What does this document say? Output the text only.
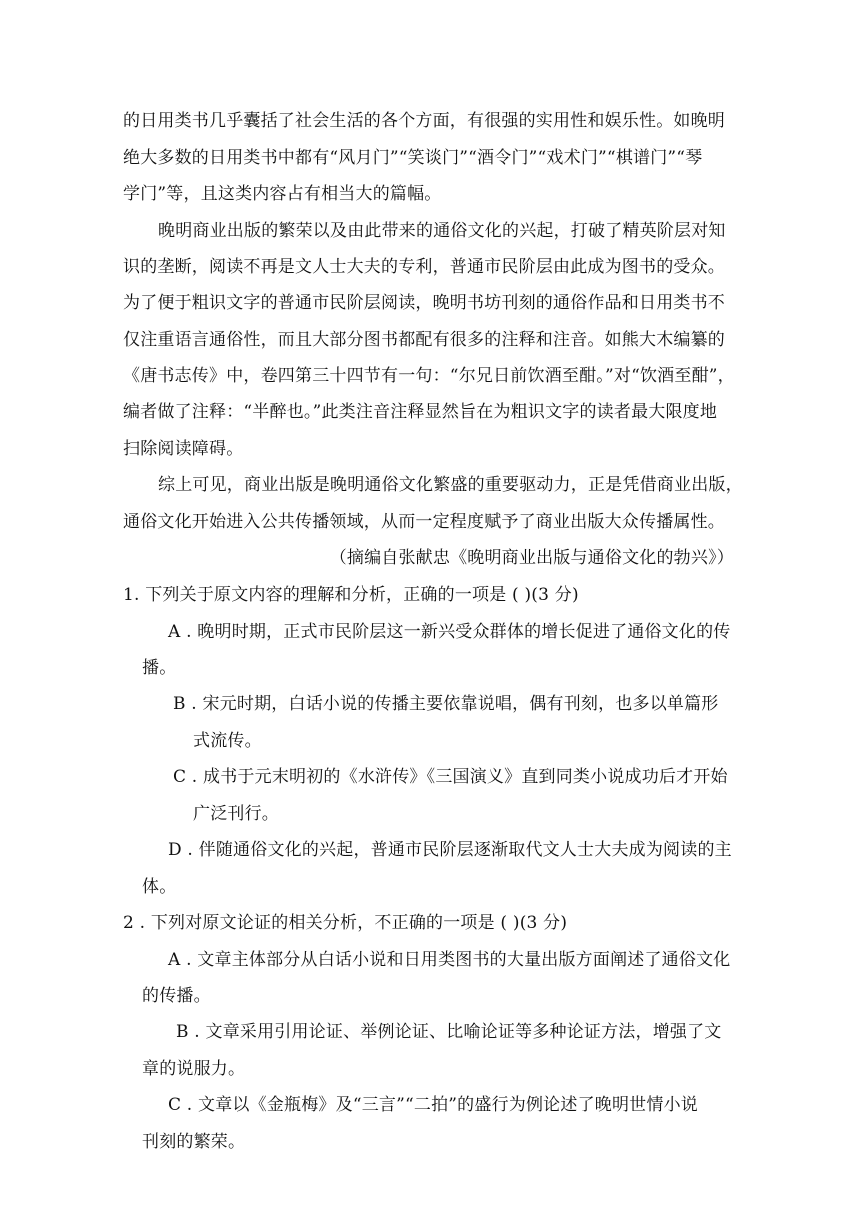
的日用类书几乎囊括了社会生活的各个方面，有很强的实用性和娱乐性。如晚明
绝大多数的日用类书中都有“风月门”“笑谈门”“酒令门”“戏术门”“棋谱门”“琴
学门”等，且这类内容占有相当大的篇幅。
晚明商业出版的繁荣以及由此带来的通俗文化的兴起，打破了精英阶层对知
识的垄断，阅读不再是文人士大夫的专利，普通市民阶层由此成为图书的受众。
为了便于粗识文字的普通市民阶层阅读，晚明书坊刊刻的通俗作品和日用类书不
仅注重语言通俗性，而且大部分图书都配有很多的注释和注音。如熊大木编纂的
《唐书志传》中，卷四第三十四节有一句：“尔兄日前饮酒至酣。”对“饮酒至酣”，
编者做了注释：“半醉也。”此类注音注释显然旨在为粗识文字的读者最大限度地
扫除阅读障碍。
综上可见，商业出版是晚明通俗文化繁盛的重要驱动力，正是凭借商业出版，
通俗文化开始进入公共传播领域，从而一定程度赋予了商业出版大众传播属性。
（摘编自张献忠《晚明商业出版与通俗文化的勃兴》）
1. 下列关于原文内容的理解和分析，正确的一项是 ( )(3 分)
A . 晚明时期，正式市民阶层这一新兴受众群体的增长促进了通俗文化的传
播。
B . 宋元时期，白话小说的传播主要依靠说唱，偶有刊刻，也多以单篇形
式流传。
C . 成书于元末明初的《水浒传》《三国演义》直到同类小说成功后才开始
广泛刊行。
D . 伴随通俗文化的兴起，普通市民阶层逐渐取代文人士大夫成为阅读的主
体。
2 . 下列对原文论证的相关分析，不正确的一项是 ( )(3 分)
A . 文章主体部分从白话小说和日用类图书的大量出版方面阐述了通俗文化
的传播。
B . 文章采用引用论证、举例论证、比喻论证等多种论证方法，增强了文
章的说服力。
C . 文章以《金瓶梅》及“三言”“二拍”的盛行为例论述了晚明世情小说
刊刻的繁荣。
